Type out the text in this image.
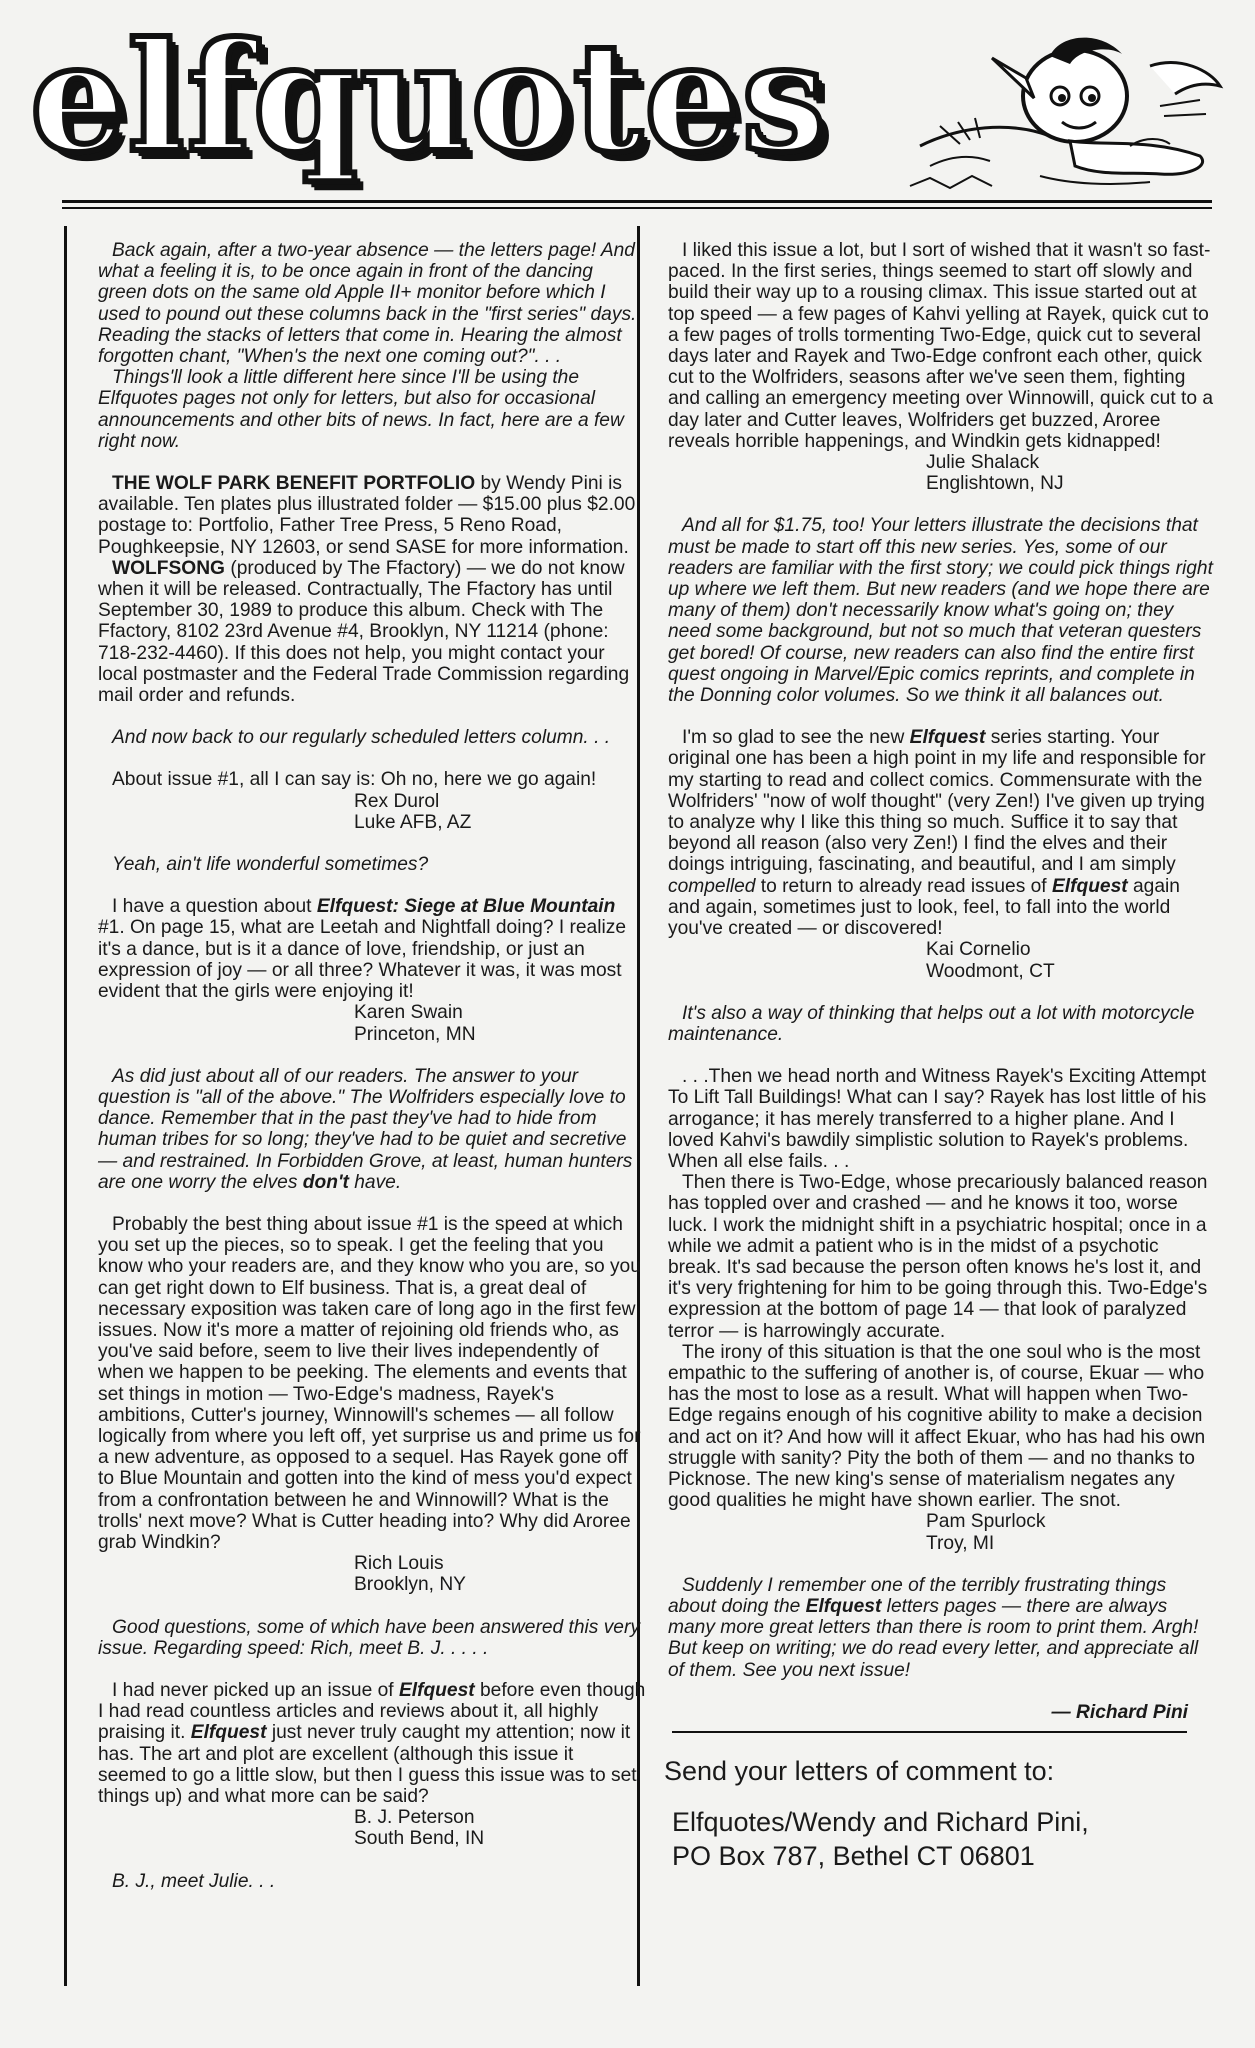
elfquotes

Back again, after a two-year absence — the letters page! And what a feeling it is, to be once again in front of the dancing green dots on the same old Apple II+ monitor before which I used to pound out these columns back in the "first series" days. Reading the stacks of letters that come in. Hearing the almost forgotten chant, "When's the next one coming out?". . .

Things'll look a little different here since I'll be using the Elfquotes pages not only for letters, but also for occasional announcements and other bits of news. In fact, here are a few right now.

THE WOLF PARK BENEFIT PORTFOLIO by Wendy Pini is available. Ten plates plus illustrated folder — $15.00 plus $2.00 postage to: Portfolio, Father Tree Press, 5 Reno Road, Poughkeepsie, NY 12603, or send SASE for more information.

WOLFSONG (produced by The Ffactory) — we do not know when it will be released. Contractually, The Ffactory has until September 30, 1989 to produce this album. Check with The Ffactory, 8102 23rd Avenue #4, Brooklyn, NY 11214 (phone: 718-232-4460). If this does not help, you might contact your local postmaster and the Federal Trade Commission regarding mail order and refunds.

And now back to our regularly scheduled letters column. . .

About issue #1, all I can say is: Oh no, here we go again!

Rex Durol

Luke AFB, AZ

Yeah, ain't life wonderful sometimes?

I have a question about Elfquest: Siege at Blue Mountain #1. On page 15, what are Leetah and Nightfall doing? I realize it's a dance, but is it a dance of love, friendship, or just an expression of joy — or all three? Whatever it was, it was most evident that the girls were enjoying it!

Karen Swain

Princeton, MN

As did just about all of our readers. The answer to your question is "all of the above." The Wolfriders especially love to dance. Remember that in the past they've had to hide from human tribes for so long; they've had to be quiet and secretive — and restrained. In Forbidden Grove, at least, human hunters are one worry the elves don't have.

Probably the best thing about issue #1 is the speed at which you set up the pieces, so to speak. I get the feeling that you know who your readers are, and they know who you are, so you can get right down to Elf business. That is, a great deal of necessary exposition was taken care of long ago in the first few issues. Now it's more a matter of rejoining old friends who, as you've said before, seem to live their lives independently of when we happen to be peeking. The elements and events that set things in motion — Two-Edge's madness, Rayek's ambitions, Cutter's journey, Winnowill's schemes — all follow logically from where you left off, yet surprise us and prime us for a new adventure, as opposed to a sequel. Has Rayek gone off to Blue Mountain and gotten into the kind of mess you'd expect from a confrontation between he and Winnowill? What is the trolls' next move? What is Cutter heading into? Why did Aroree grab Windkin?

Rich Louis

Brooklyn, NY

Good questions, some of which have been answered this very issue. Regarding speed: Rich, meet B. J. . . . .

I had never picked up an issue of Elfquest before even though I had read countless articles and reviews about it, all highly praising it. Elfquest just never truly caught my attention; now it has. The art and plot are excellent (although this issue it seemed to go a little slow, but then I guess this issue was to set things up) and what more can be said?

B. J. Peterson

South Bend, IN

B. J., meet Julie. . .

I liked this issue a lot, but I sort of wished that it wasn't so fast-paced. In the first series, things seemed to start off slowly and build their way up to a rousing climax. This issue started out at top speed — a few pages of Kahvi yelling at Rayek, quick cut to a few pages of trolls tormenting Two-Edge, quick cut to several days later and Rayek and Two-Edge confront each other, quick cut to the Wolfriders, seasons after we've seen them, fighting and calling an emergency meeting over Winnowill, quick cut to a day later and Cutter leaves, Wolfriders get buzzed, Aroree reveals horrible happenings, and Windkin gets kidnapped!

Julie Shalack

Englishtown, NJ

And all for $1.75, too! Your letters illustrate the decisions that must be made to start off this new series. Yes, some of our readers are familiar with the first story; we could pick things right up where we left them. But new readers (and we hope there are many of them) don't necessarily know what's going on; they need some background, but not so much that veteran questers get bored! Of course, new readers can also find the entire first quest ongoing in Marvel/Epic comics reprints, and complete in the Donning color volumes. So we think it all balances out.

I'm so glad to see the new Elfquest series starting. Your original one has been a high point in my life and responsible for my starting to read and collect comics. Commensurate with the Wolfriders' "now of wolf thought" (very Zen!) I've given up trying to analyze why I like this thing so much. Suffice it to say that beyond all reason (also very Zen!) I find the elves and their doings intriguing, fascinating, and beautiful, and I am simply compelled to return to already read issues of Elfquest again and again, sometimes just to look, feel, to fall into the world you've created — or discovered!

Kai Cornelio

Woodmont, CT

It's also a way of thinking that helps out a lot with motorcycle maintenance.

. . .Then we head north and Witness Rayek's Exciting Attempt To Lift Tall Buildings! What can I say? Rayek has lost little of his arrogance; it has merely transferred to a higher plane. And I loved Kahvi's bawdily simplistic solution to Rayek's problems. When all else fails. . .

Then there is Two-Edge, whose precariously balanced reason has toppled over and crashed — and he knows it too, worse luck. I work the midnight shift in a psychiatric hospital; once in a while we admit a patient who is in the midst of a psychotic break. It's sad because the person often knows he's lost it, and it's very frightening for him to be going through this. Two-Edge's expression at the bottom of page 14 — that look of paralyzed terror — is harrowingly accurate.

The irony of this situation is that the one soul who is the most empathic to the suffering of another is, of course, Ekuar — who has the most to lose as a result. What will happen when Two-Edge regains enough of his cognitive ability to make a decision and act on it? And how will it affect Ekuar, who has had his own struggle with sanity? Pity the both of them — and no thanks to Picknose. The new king's sense of materialism negates any good qualities he might have shown earlier. The snot.

Pam Spurlock

Troy, MI

Suddenly I remember one of the terribly frustrating things about doing the Elfquest letters pages — there are always many more great letters than there is room to print them. Argh! But keep on writing; we do read every letter, and appreciate all of them. See you next issue!

— Richard Pini

Send your letters of comment to:

Elfquotes/Wendy and Richard Pini,

PO Box 787, Bethel CT 06801
